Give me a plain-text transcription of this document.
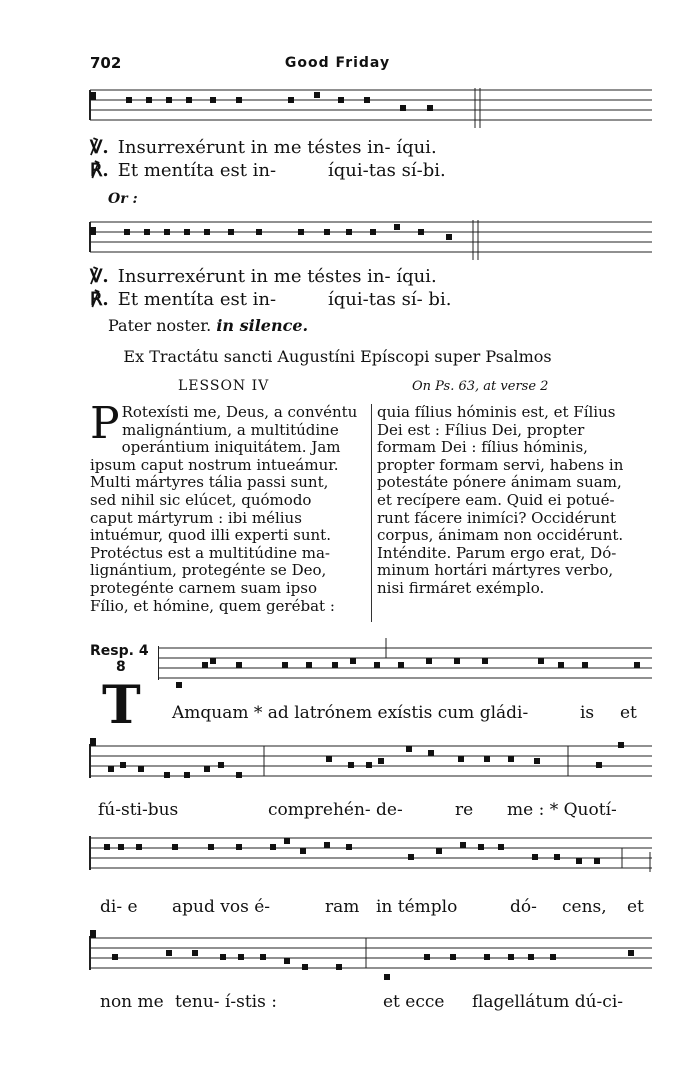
702	Good Friday
℣. Insurrexérunt in me téstes in- íqui.
℟. Et mentíta est in-	íqui-tas sí-bi.
Or :
℣. Insurrexérunt in me téstes in- íqui.
℟. Et mentíta est in-	íqui-tas sí- bi.
Pater noster. in silence.
Ex Tractátu sancti Augustíni Epíscopi super Psalmos
LESSON IV	On Ps. 63, at verse 2
P Rotexísti me, Deus, a convéntu

malignántium, a multitúdine

operántium iniquitátem. Jam

ipsum caput nostrum intueámur.

Multi mártyres tália passi sunt,

sed nihil sic elúcet, quómodo

caput mártyrum : ibi mélius

intuémur, quod illi experti sunt.

Protéctus est a multitúdine ma-

lignántium, protegénte se Deo,

protegénte carnem suam ipso

Fílio, et hómine, quem gerébat :

quia fílius hóminis est, et Fílius

Dei est : Fílius Dei, propter

formam Dei : fílius hóminis,

propter formam servi, habens in

potestáte pónere ánimam suam,

et recípere eam. Quid ei potué-

runt fácere inimíci? Occidérunt

corpus, ánimam non occidérunt.

Inténdite. Parum ergo erat, Dó-

minum hortári mártyres verbo,

nisi firmáret exémplo.

Resp. 4
8
T Amquam * ad latrónem exístis cum gládi-	is et
fú-sti-bus	comprehén- de-	re me : * Quotí-
di- e apud vos é-	ram in témplo	dó- cens, et
non me tenu- í-stis :	et ecce flagellátum dú-ci-
